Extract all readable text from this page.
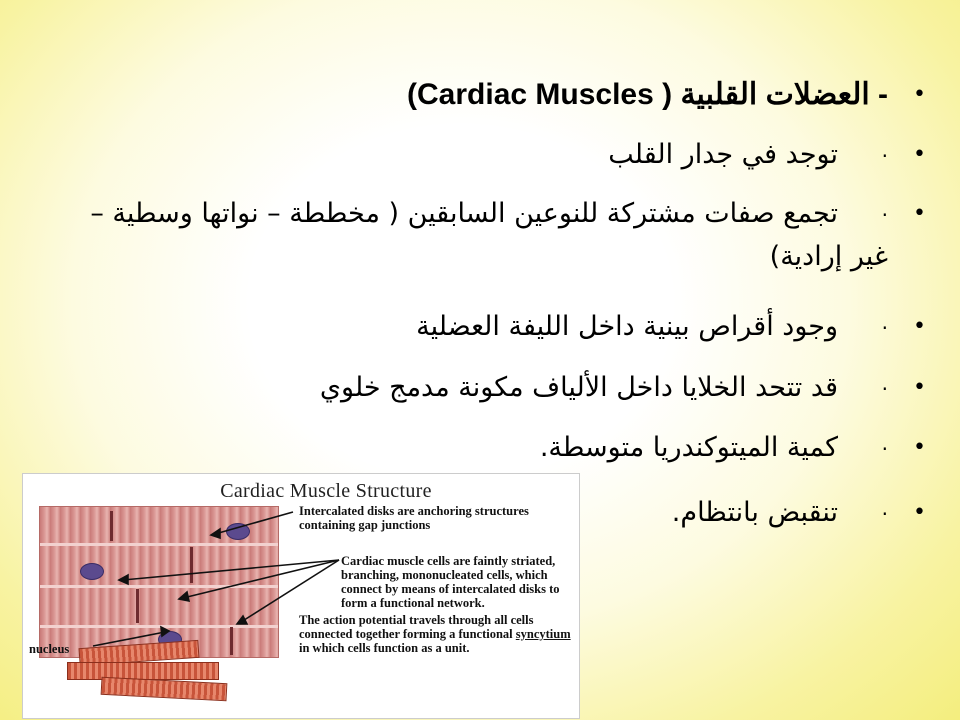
•
- العضلات القلبية ( Cardiac Muscles)
•
·توجد في جدار القلب
•
·تجمع صفات مشتركة للنوعين السابقين ( مخططة – نواتها وسطية –غير إرادية)
•
·وجود أقراص بينية داخل الليفة العضلية
•
·قد تتحد الخلايا داخل الألياف مكونة مدمج خلوي
•
·كمية الميتوكندريا متوسطة.
•
·تنقبض بانتظام.
Cardiac Muscle Structure
Intercalated disks are anchoring structures containing gap junctions
Cardiac muscle cells are faintly striated, branching, mononucleated cells, which connect by means of intercalated disks to form a functional network.
The action potential travels through all cells connected together forming a functional syncytium in which cells function as a unit.
nucleus
